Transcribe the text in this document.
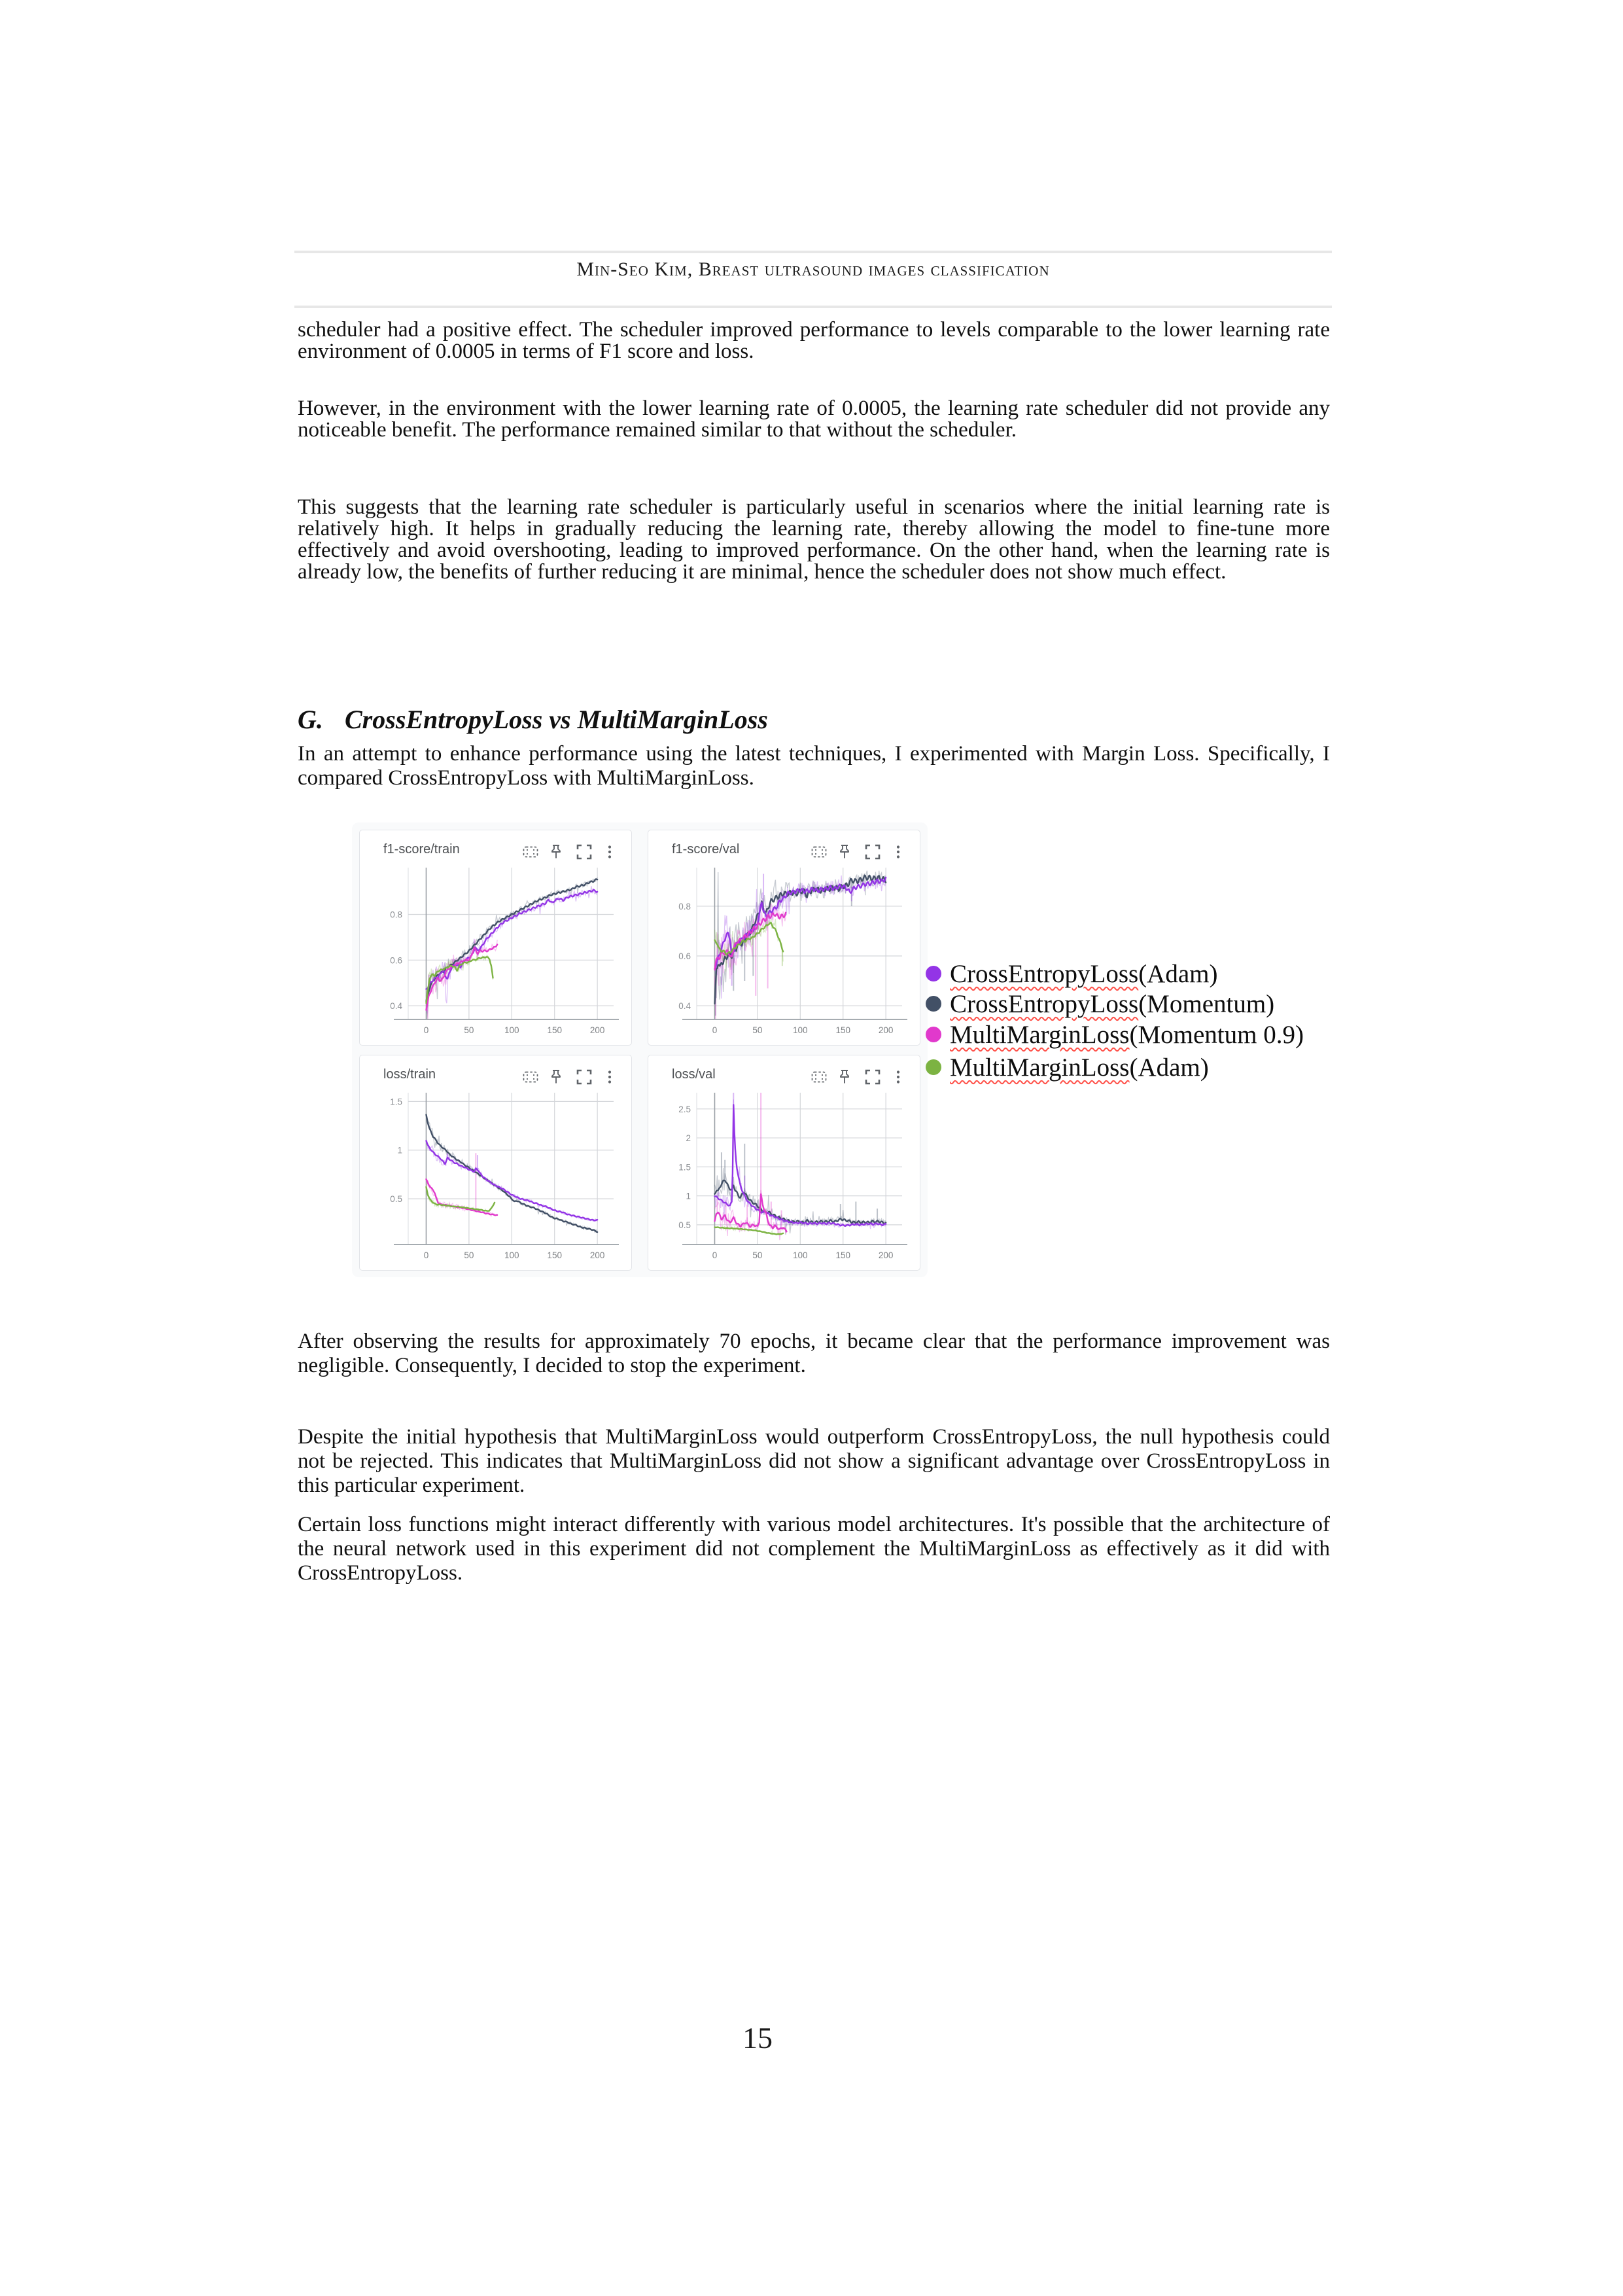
Min-Seo Kim, Breast ultrasound images classification

scheduler had a positive effect. The scheduler improved performance to levels comparable to the lower learning rate environment of 0.0005 in terms of F1 score and loss.

However, in the environment with the lower learning rate of 0.0005, the learning rate scheduler did not provide any noticeable benefit. The performance remained similar to that without the scheduler.

This suggests that the learning rate scheduler is particularly useful in scenarios where the initial learning rate is relatively high. It helps in gradually reducing the learning rate, thereby allowing the model to fine-tune more effectively and avoid overshooting, leading to improved performance. On the other hand, when the learning rate is already low, the benefits of further reducing it are minimal, hence the scheduler does not show much effect.

G. CrossEntropyLoss vs MultiMarginLoss

In an attempt to enhance performance using the latest techniques, I experimented with Margin Loss. Specifically, I compared CrossEntropyLoss with MultiMarginLoss.

f1-score/train
0.4
0.6
0.8
0	50	100	150	200
f1-score/val
0.4
0.6
0.8
0	50	100	150	200
loss/train
0.5
1
1.5
0	50	100	150	200
loss/val
0.5
1
1.5
2
2.5
0	50	100	150	200
CrossEntropyLoss(Adam)
CrossEntropyLoss(Momentum)
MultiMarginLoss(Momentum 0.9)
MultiMarginLoss(Adam)

After observing the results for approximately 70 epochs, it became clear that the performance improvement was negligible. Consequently, I decided to stop the experiment.

Despite the initial hypothesis that MultiMarginLoss would outperform CrossEntropyLoss, the null hypothesis could not be rejected. This indicates that MultiMarginLoss did not show a significant advantage over CrossEntropyLoss in this particular experiment.

Certain loss functions might interact differently with various model architectures. It's possible that the architecture of the neural network used in this experiment did not complement the MultiMarginLoss as effectively as it did with CrossEntropyLoss.

15
